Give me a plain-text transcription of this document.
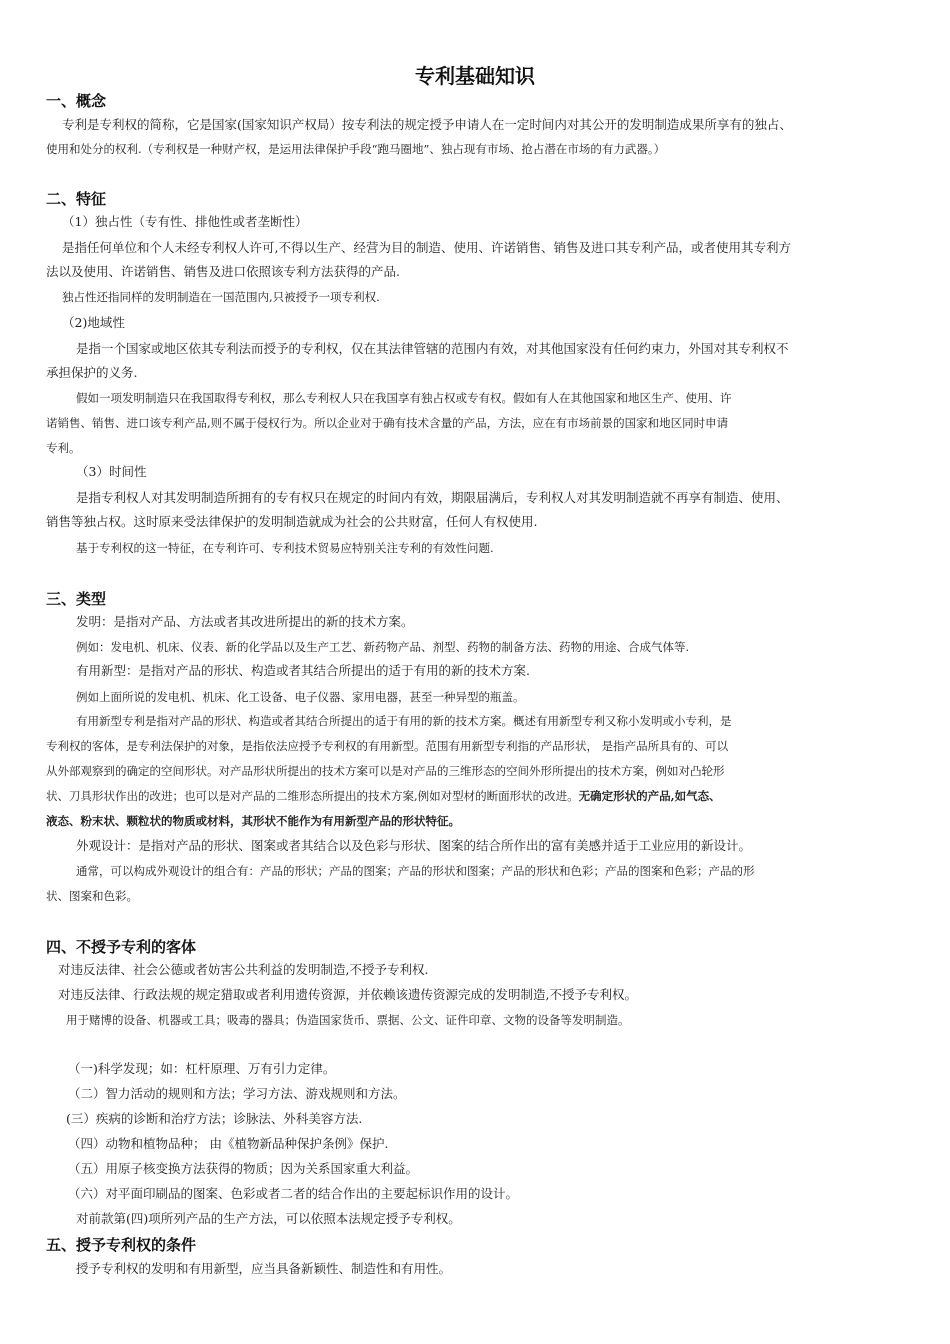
专利基础知识
一、概念
专利是专利权的简称，它是国家(国家知识产权局）按专利法的规定授予申请人在一定时间内对其公开的发明制造成果所享有的独占、
使用和处分的权利.（专利权是一种财产权，是运用法律保护手段“跑马圈地”、独占现有市场、抢占潜在市场的有力武器。）
二、特征
（1）独占性（专有性、排他性或者垄断性）
是指任何单位和个人未经专利权人许可,不得以生产、经营为目的制造、使用、许诺销售、销售及进口其专利产品，或者使用其专利方
法以及使用、许诺销售、销售及进口依照该专利方法获得的产品.
独占性还指同样的发明制造在一国范围内,只被授予一项专利权.
（2)地域性
是指一个国家或地区依其专利法而授予的专利权，仅在其法律管辖的范围内有效，对其他国家没有任何约束力，外国对其专利权不
承担保护的义务.
假如一项发明制造只在我国取得专利权，那么专利权人只在我国享有独占权或专有权。假如有人在其他国家和地区生产、使用、许
诺销售、销售、进口该专利产品,则不属于侵权行为。所以企业对于确有技术含量的产品，方法，应在有市场前景的国家和地区同时申请
专利。
（3）时间性
是指专利权人对其发明制造所拥有的专有权只在规定的时间内有效，期限届满后，专利权人对其发明制造就不再享有制造、使用、
销售等独占权。这时原来受法律保护的发明制造就成为社会的公共财富，任何人有权使用.
基于专利权的这一特征，在专利许可、专利技术贸易应特别关注专利的有效性问题.
三、类型
发明：是指对产品、方法或者其改进所提出的新的技术方案。
例如：发电机、机床、仪表、新的化学品以及生产工艺、新药物产品、剂型、药物的制备方法、药物的用途、合成气体等.
有用新型：是指对产品的形状、构造或者其结合所提出的适于有用的新的技术方案.
例如上面所说的发电机、机床、化工设备、电子仪器、家用电器，甚至一种异型的瓶盖。
有用新型专利是指对产品的形状、构造或者其结合所提出的适于有用的新的技术方案。概述有用新型专利又称小发明或小专利，是
专利权的客体，是专利法保护的对象，是指依法应授予专利权的有用新型。范围有用新型专利指的产品形状， 是指产品所具有的、可以
从外部观察到的确定的空间形状。对产品形状所提出的技术方案可以是对产品的三维形态的空间外形所提出的技术方案，例如对凸轮形
状、刀具形状作出的改进；也可以是对产品的二维形态所提出的技术方案,例如对型材的断面形状的改进。无确定形状的产品,如气态、
液态、粉末状、颗粒状的物质或材料，其形状不能作为有用新型产品的形状特征。
外观设计：是指对产品的形状、图案或者其结合以及色彩与形状、图案的结合所作出的富有美感并适于工业应用的新设计。
通常，可以构成外观设计的组合有：产品的形状；产品的图案；产品的形状和图案；产品的形状和色彩；产品的图案和色彩；产品的形
状、图案和色彩。
四、不授予专利的客体
对违反法律、社会公德或者妨害公共利益的发明制造,不授予专利权.
对违反法律、行政法规的规定猎取或者利用遗传资源，并依赖该遗传资源完成的发明制造,不授予专利权。
用于赌博的设备、机器或工具；吸毒的器具；伪造国家货币、票据、公文、证件印章、文物的设备等发明制造。
（一)科学发现；如：杠杆原理、万有引力定律。
（二）智力活动的规则和方法；学习方法、游戏规则和方法。
(三）疾病的诊断和治疗方法；诊脉法、外科美容方法.
（四）动物和植物品种； 由《植物新品种保护条例》保护.
（五）用原子核变换方法获得的物质；因为关系国家重大利益。
（六）对平面印刷品的图案、色彩或者二者的结合作出的主要起标识作用的设计。
对前款第(四)项所列产品的生产方法，可以依照本法规定授予专利权。
五、授予专利权的条件
授予专利权的发明和有用新型，应当具备新颖性、制造性和有用性。
